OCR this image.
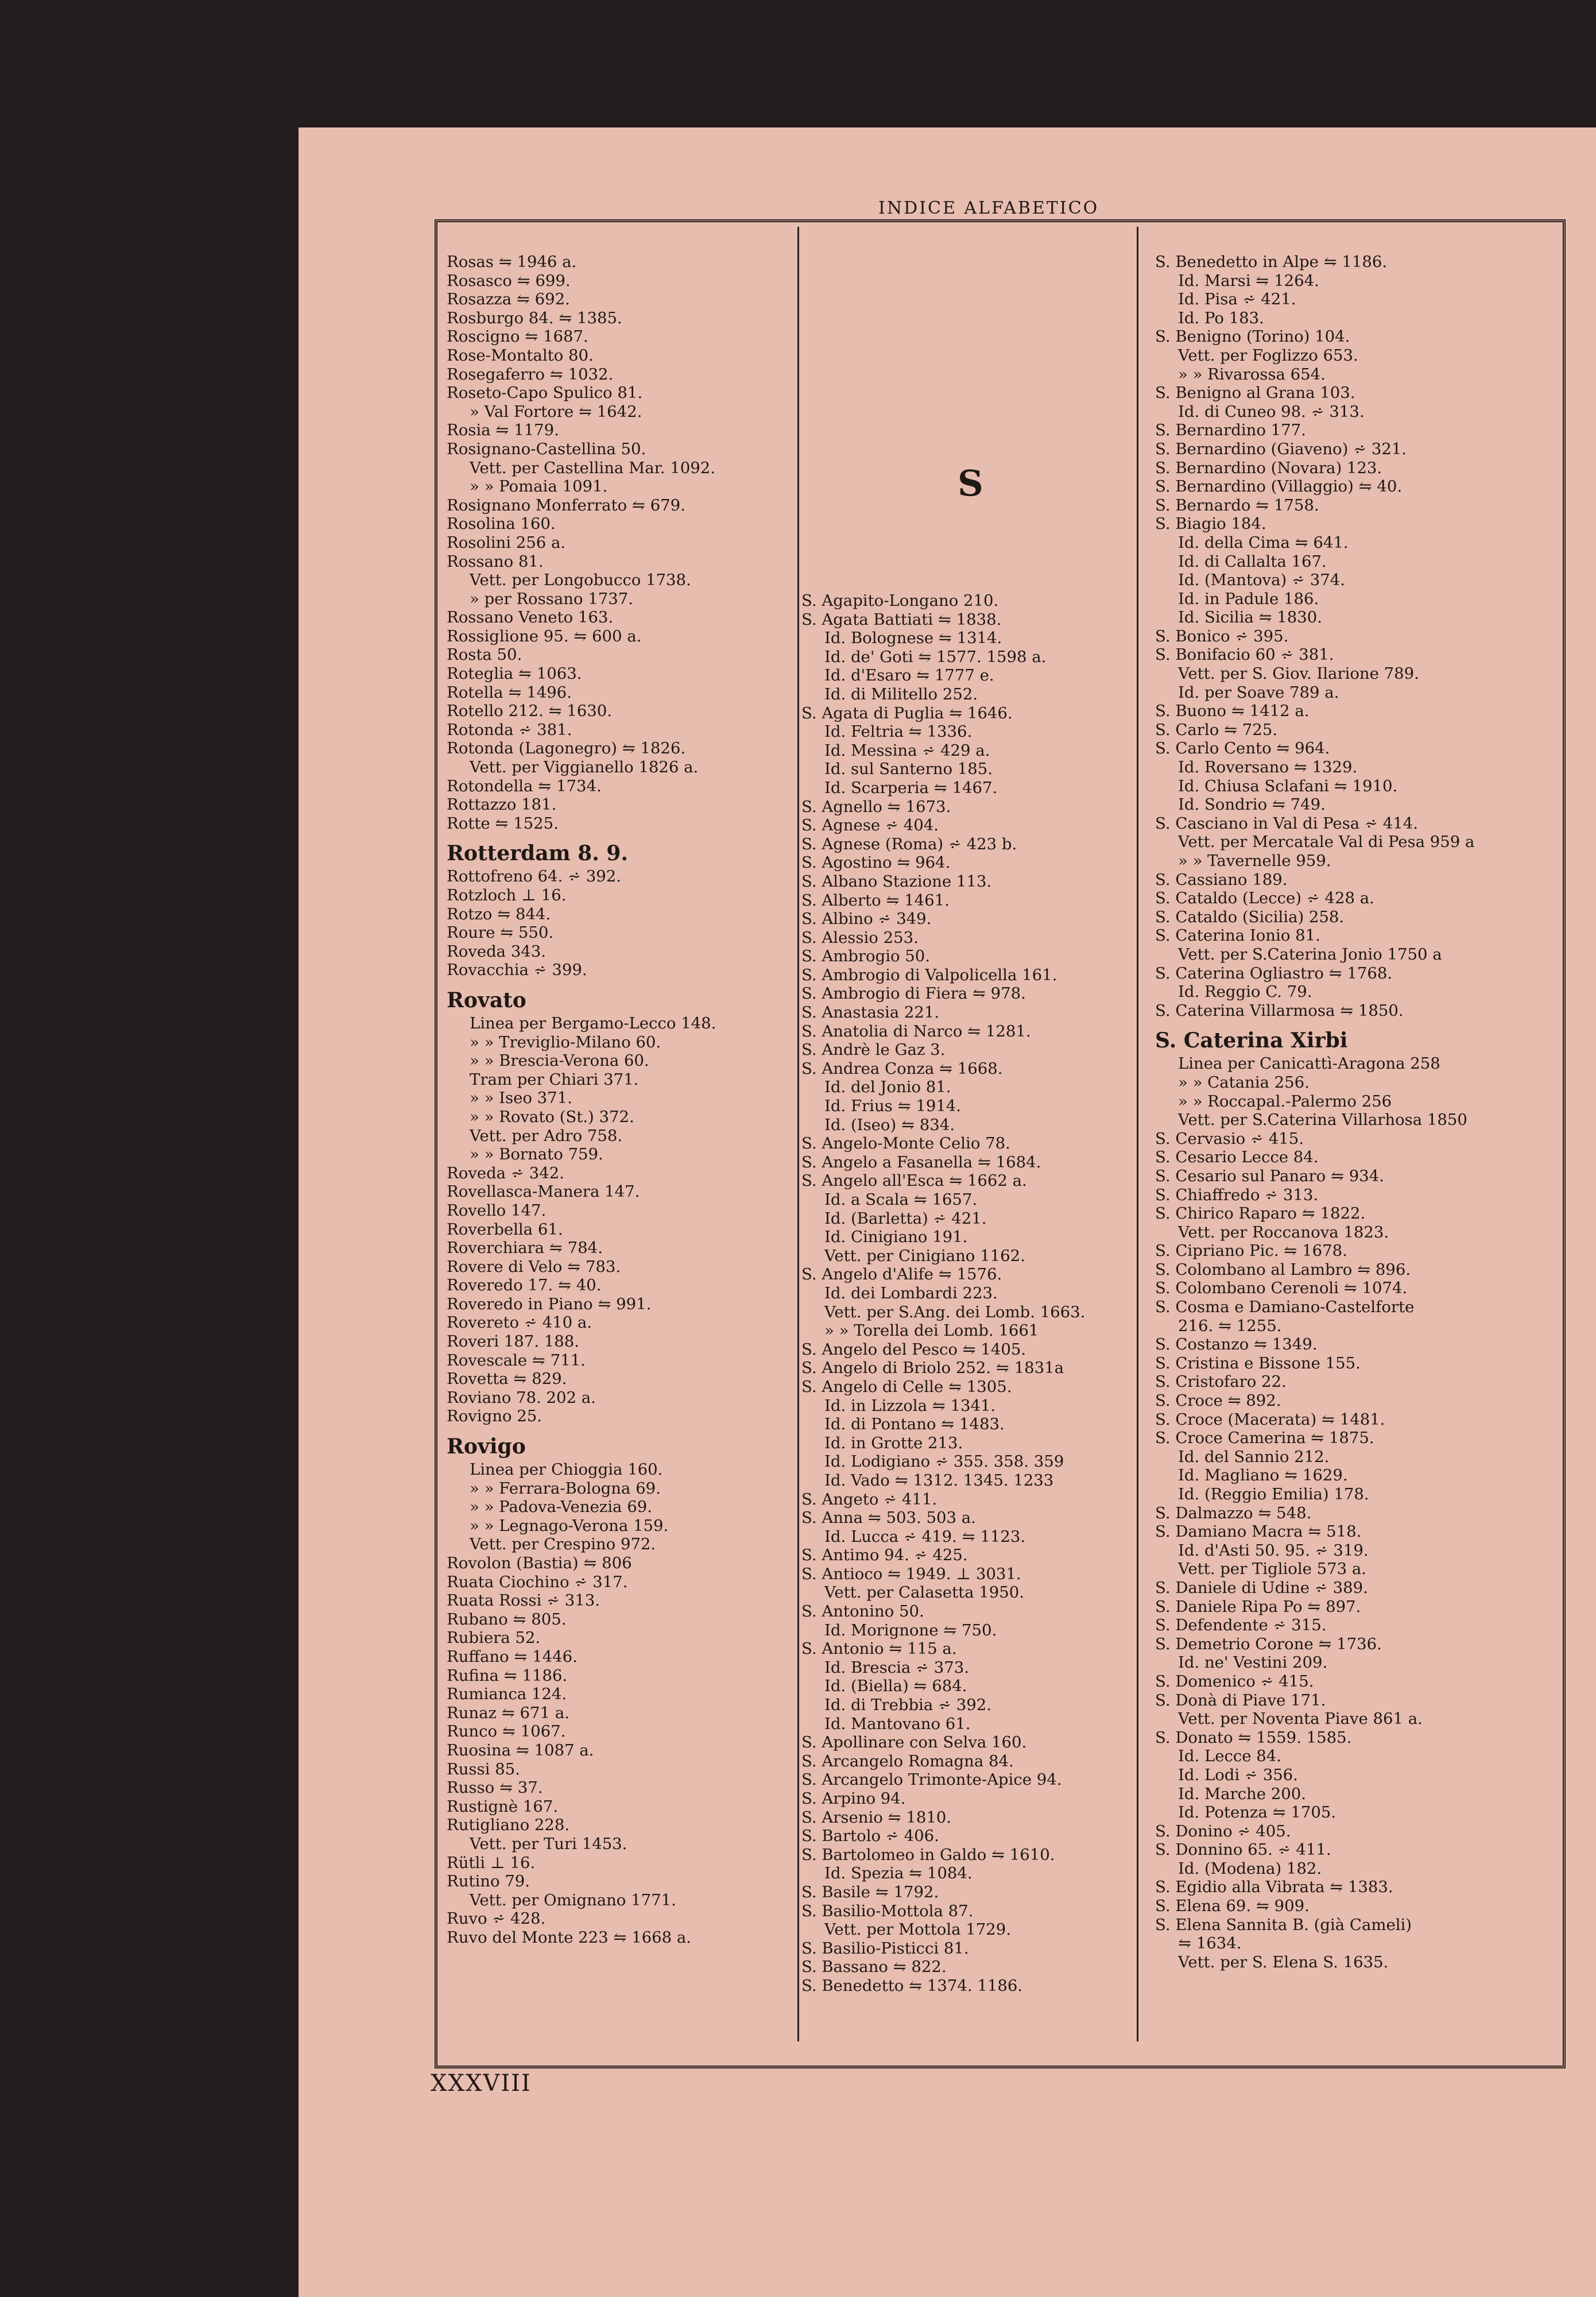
INDICE ALFABETICO
Rosas ⇋ 1946 a.
Rosasco ⇋ 699.
Rosazza ⇋ 692.
Rosburgo 84. ⇋ 1385.
Roscigno ⇋ 1687.
Rose-Montalto 80.
Rosegaferro ⇋ 1032.
Roseto-Capo Spulico 81.
» Val Fortore ⇋ 1642.
Rosia ⇋ 1179.
Rosignano-Castellina 50.
Vett. per Castellina Mar. 1092.
» » Pomaia 1091.
Rosignano Monferrato ⇋ 679.
Rosolina 160.
Rosolini 256 a.
Rossano 81.
Vett. per Longobucco 1738.
» per Rossano 1737.
Rossano Veneto 163.
Rossiglione 95. ⇋ 600 a.
Rosta 50.
Roteglia ⇋ 1063.
Rotella ⇋ 1496.
Rotello 212. ⇋ 1630.
Rotonda ⩫ 381.
Rotonda (Lagonegro) ⇋ 1826.
Vett. per Viggianello 1826 a.
Rotondella ⇋ 1734.
Rottazzo 181.
Rotte ⇋ 1525.
Rotterdam 8. 9.
Rottofreno 64. ⩫ 392.
Rotzloch ⊥ 16.
Rotzo ⇋ 844.
Roure ⇋ 550.
Roveda 343.
Rovacchia ⩫ 399.
Rovato
Linea per Bergamo-Lecco 148.
» » Treviglio-Milano 60.
» » Brescia-Verona 60.
Tram per Chiari 371.
» » Iseo 371.
» » Rovato (St.) 372.
Vett. per Adro 758.
» » Bornato 759.
Roveda ⩫ 342.
Rovellasca-Manera 147.
Rovello 147.
Roverbella 61.
Roverchiara ⇋ 784.
Rovere di Velo ⇋ 783.
Roveredo 17. ⇋ 40.
Roveredo in Piano ⇋ 991.
Rovereto ⩫ 410 a.
Roveri 187. 188.
Rovescale ⇋ 711.
Rovetta ⇋ 829.
Roviano 78. 202 a.
Rovigno 25.
Rovigo
Linea per Chioggia 160.
» » Ferrara-Bologna 69.
» » Padova-Venezia 69.
» » Legnago-Verona 159.
Vett. per Crespino 972.
Rovolon (Bastia) ⇋ 806
Ruata Ciochino ⩫ 317.
Ruata Rossi ⩫ 313.
Rubano ⇋ 805.
Rubiera 52.
Ruffano ⇋ 1446.
Rufina ⇋ 1186.
Rumianca 124.
Runaz ⇋ 671 a.
Runco ⇋ 1067.
Ruosina ⇋ 1087 a.
Russi 85.
Russo ⇋ 37.
Rustignè 167.
Rutigliano 228.
Vett. per Turi 1453.
Rütli ⊥ 16.
Rutino 79.
Vett. per Omignano 1771.
Ruvo ⩫ 428.
Ruvo del Monte 223 ⇋ 1668 a.
S
S. Agapito-Longano 210.
S. Agata Battiati ⇋ 1838.
Id. Bolognese ⇋ 1314.
Id. de' Goti ⇋ 1577. 1598 a.
Id. d'Esaro ⇋ 1777 e.
Id. di Militello 252.
S. Agata di Puglia ⇋ 1646.
Id. Feltria ⇋ 1336.
Id. Messina ⩫ 429 a.
Id. sul Santerno 185.
Id. Scarperia ⇋ 1467.
S. Agnello ⇋ 1673.
S. Agnese ⩫ 404.
S. Agnese (Roma) ⩫ 423 b.
S. Agostino ⇋ 964.
S. Albano Stazione 113.
S. Alberto ⇋ 1461.
S. Albino ⩫ 349.
S. Alessio 253.
S. Ambrogio 50.
S. Ambrogio di Valpolicella 161.
S. Ambrogio di Fiera ⇋ 978.
S. Anastasia 221.
S. Anatolia di Narco ⇋ 1281.
S. Andrè le Gaz 3.
S. Andrea Conza ⇋ 1668.
Id. del Jonio 81.
Id. Frius ⇋ 1914.
Id. (Iseo) ⇋ 834.
S. Angelo-Monte Celio 78.
S. Angelo a Fasanella ⇋ 1684.
S. Angelo all'Esca ⇋ 1662 a.
Id. a Scala ⇋ 1657.
Id. (Barletta) ⩫ 421.
Id. Cinigiano 191.
Vett. per Cinigiano 1162.
S. Angelo d'Alife ⇋ 1576.
Id. dei Lombardi 223.
Vett. per S.Ang. dei Lomb. 1663.
» » Torella dei Lomb. 1661
S. Angelo del Pesco ⇋ 1405.
S. Angelo di Briolo 252. ⇋ 1831a
S. Angelo di Celle ⇋ 1305.
Id. in Lizzola ⇋ 1341.
Id. di Pontano ⇋ 1483.
Id. in Grotte 213.
Id. Lodigiano ⩫ 355. 358. 359
Id. Vado ⇋ 1312. 1345. 1233
S. Angeto ⩫ 411.
S. Anna ⇋ 503. 503 a.
Id. Lucca ⩫ 419. ⇋ 1123.
S. Antimo 94. ⩫ 425.
S. Antioco ⇋ 1949. ⊥ 3031.
Vett. per Calasetta 1950.
S. Antonino 50.
Id. Morignone ⇋ 750.
S. Antonio ⇋ 115 a.
Id. Brescia ⩫ 373.
Id. (Biella) ⇋ 684.
Id. di Trebbia ⩫ 392.
Id. Mantovano 61.
S. Apollinare con Selva 160.
S. Arcangelo Romagna 84.
S. Arcangelo Trimonte-Apice 94.
S. Arpino 94.
S. Arsenio ⇋ 1810.
S. Bartolo ⩫ 406.
S. Bartolomeo in Galdo ⇋ 1610.
Id. Spezia ⇋ 1084.
S. Basile ⇋ 1792.
S. Basilio-Mottola 87.
Vett. per Mottola 1729.
S. Basilio-Pisticci 81.
S. Bassano ⇋ 822.
S. Benedetto ⇋ 1374. 1186.
S. Benedetto in Alpe ⇋ 1186.
Id. Marsi ⇋ 1264.
Id. Pisa ⩫ 421.
Id. Po 183.
S. Benigno (Torino) 104.
Vett. per Foglizzo 653.
» » Rivarossa 654.
S. Benigno al Grana 103.
Id. di Cuneo 98. ⩫ 313.
S. Bernardino 177.
S. Bernardino (Giaveno) ⩫ 321.
S. Bernardino (Novara) 123.
S. Bernardino (Villaggio) ⇋ 40.
S. Bernardo ⇋ 1758.
S. Biagio 184.
Id. della Cima ⇋ 641.
Id. di Callalta 167.
Id. (Mantova) ⩫ 374.
Id. in Padule 186.
Id. Sicilia ⇋ 1830.
S. Bonico ⩫ 395.
S. Bonifacio 60 ⩫ 381.
Vett. per S. Giov. Ilarione 789.
Id. per Soave 789 a.
S. Buono ⇋ 1412 a.
S. Carlo ⇋ 725.
S. Carlo Cento ⇋ 964.
Id. Roversano ⇋ 1329.
Id. Chiusa Sclafani ⇋ 1910.
Id. Sondrio ⇋ 749.
S. Casciano in Val di Pesa ⩫ 414.
Vett. per Mercatale Val di Pesa 959 a
» » Tavernelle 959.
S. Cassiano 189.
S. Cataldo (Lecce) ⩫ 428 a.
S. Cataldo (Sicilia) 258.
S. Caterina Ionio 81.
Vett. per S.Caterina Jonio 1750 a
S. Caterina Ogliastro ⇋ 1768.
Id. Reggio C. 79.
S. Caterina Villarmosa ⇋ 1850.
S. Caterina Xirbi
Linea per Canicattì-Aragona 258
» » Catania 256.
» » Roccapal.-Palermo 256
Vett. per S.Caterina Villarhosa 1850
S. Cervasio ⩫ 415.
S. Cesario Lecce 84.
S. Cesario sul Panaro ⇋ 934.
S. Chiaffredo ⩫ 313.
S. Chirico Raparo ⇋ 1822.
Vett. per Roccanova 1823.
S. Cipriano Pic. ⇋ 1678.
S. Colombano al Lambro ⇋ 896.
S. Colombano Cerenoli ⇋ 1074.
S. Cosma e Damiano-Castelforte
216. ⇋ 1255.
S. Costanzo ⇋ 1349.
S. Cristina e Bissone 155.
S. Cristofaro 22.
S. Croce ⇋ 892.
S. Croce (Macerata) ⇋ 1481.
S. Croce Camerina ⇋ 1875.
Id. del Sannio 212.
Id. Magliano ⇋ 1629.
Id. (Reggio Emilia) 178.
S. Dalmazzo ⇋ 548.
S. Damiano Macra ⇋ 518.
Id. d'Asti 50. 95. ⩫ 319.
Vett. per Tigliole 573 a.
S. Daniele di Udine ⩫ 389.
S. Daniele Ripa Po ⇋ 897.
S. Defendente ⩫ 315.
S. Demetrio Corone ⇋ 1736.
Id. ne' Vestini 209.
S. Domenico ⩫ 415.
S. Donà di Piave 171.
Vett. per Noventa Piave 861 a.
S. Donato ⇋ 1559. 1585.
Id. Lecce 84.
Id. Lodi ⩫ 356.
Id. Marche 200.
Id. Potenza ⇋ 1705.
S. Donino ⩫ 405.
S. Donnino 65. ⩫ 411.
Id. (Modena) 182.
S. Egidio alla Vibrata ⇋ 1383.
S. Elena 69. ⇋ 909.
S. Elena Sannita B. (già Cameli)
⇋ 1634.
Vett. per S. Elena S. 1635.
XXXVIII
